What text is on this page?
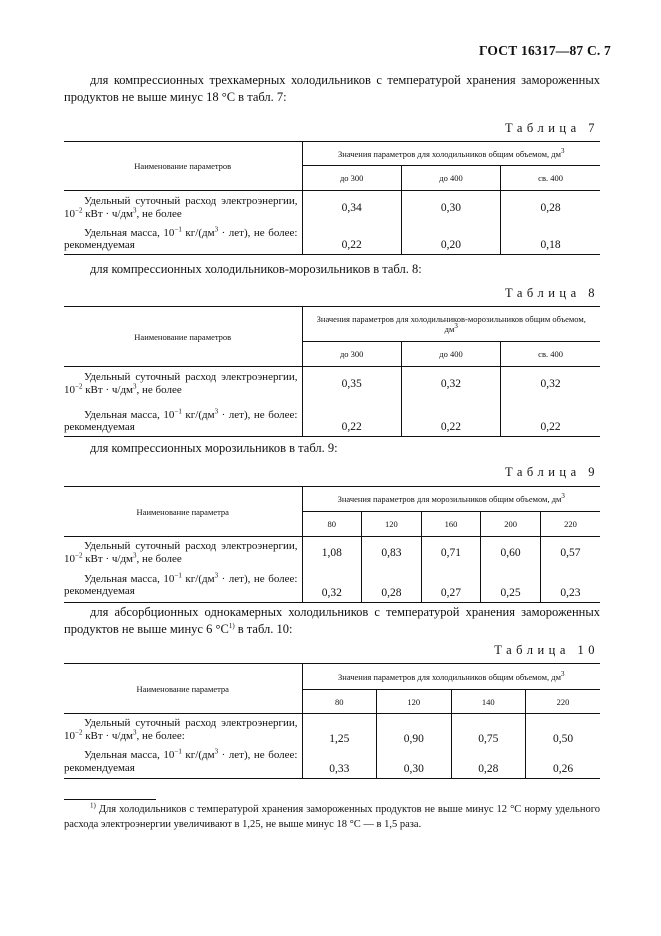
ГОСТ 16317—87 С. 7
для компрессионных трехкамерных холодильников с температурой хранения замороженных продуктов не выше минус 18 °С в табл. 7:
Таблица 7
Наименование параметров	Значения параметров для холодильников общим объемом, $дм^3$
	до 300	до 400	св. 400
Удельный суточный расход электроэнергии, $10^{-2}$ кВт · $ч/дм^3$, не более	0,34	0,30	0,28
Удельная масса, $10^{-1}$ $кг/(дм^3 \cdot лет)$, не более: рекомендуемая	0,22	0,20	0,18
для компрессионных холодильников-морозильников в табл. 8:
Таблица 8
Наименование параметров	Значения параметров для холодильников-морозильников общим объемом, $дм^3$
	до 300	до 400	св. 400
Удельный суточный расход электроэнергии, $10^{-2}$ кВт · $ч/дм^3$, не более	0,35	0,32	0,32
Удельная масса, $10^{-1}$ $кг/(дм^3 \cdot лет)$, не более: рекомендуемая	0,22	0,22	0,22
для компрессионных морозильников в табл. 9:
Таблица 9
Наименование параметра	Значения параметров для морозильников общим объемом, $дм^3$
	80	120	160	200	220
Удельный суточный расход электроэнергии, $10^{-2}$ кВт · $ч/дм^3$, не более	1,08	0,83	0,71	0,60	0,57
Удельная масса, $10^{-1}$ $кг/(дм^3 \cdot лет)$, не более: рекомендуемая	0,32	0,28	0,27	0,25	0,23
для абсорбционных однокамерных холодильников с температурой хранения замороженных продуктов не выше минус 6 $^\circ С^{1)}$ в табл. 10:
Таблица 10
Наименование параметра	Значения параметров для холодильников общим объемом, $дм^3$
	80	120	140	220
Удельный суточный расход электроэнергии, $10^{-2}$ кВт · $ч/дм^3$, не более:	1,25	0,90	0,75	0,50
Удельная масса, $10^{-1}$ $кг/(дм^3 \cdot лет)$, не более: рекомендуемая	0,33	0,30	0,28	0,26
$^{1)}$ Для холодильников с температурой хранения замороженных продуктов не выше минус 12 °С норму удельного расхода электроэнергии увеличивают в 1,25, не выше минус 18 °С — в 1,5 раза.
